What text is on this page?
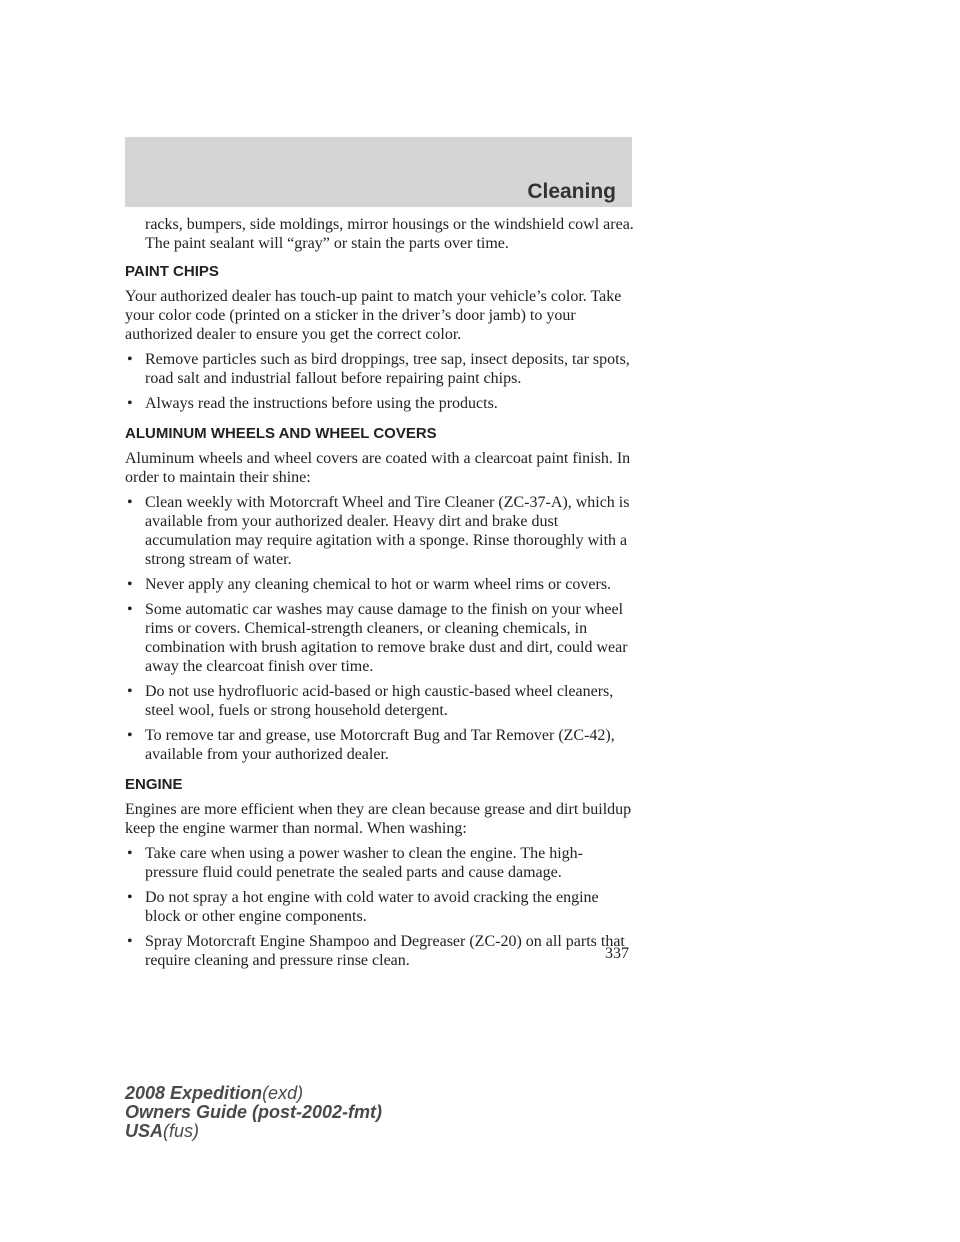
Cleaning

racks, bumpers, side moldings, mirror housings or the windshield cowl area. The paint sealant will “gray” or stain the parts over time.

PAINT CHIPS

Your authorized dealer has touch-up paint to match your vehicle’s color. Take your color code (printed on a sticker in the driver’s door jamb) to your authorized dealer to ensure you get the correct color.

• Remove particles such as bird droppings, tree sap, insect deposits, tar spots, road salt and industrial fallout before repairing paint chips.
• Always read the instructions before using the products.
ALUMINUM WHEELS AND WHEEL COVERS

Aluminum wheels and wheel covers are coated with a clearcoat paint finish. In order to maintain their shine:

• Clean weekly with Motorcraft Wheel and Tire Cleaner (ZC-37-A), which is available from your authorized dealer. Heavy dirt and brake dust accumulation may require agitation with a sponge. Rinse thoroughly with a strong stream of water.
• Never apply any cleaning chemical to hot or warm wheel rims or covers.
• Some automatic car washes may cause damage to the finish on your wheel rims or covers. Chemical-strength cleaners, or cleaning chemicals, in combination with brush agitation to remove brake dust and dirt, could wear away the clearcoat finish over time.
• Do not use hydrofluoric acid-based or high caustic-based wheel cleaners, steel wool, fuels or strong household detergent.
• To remove tar and grease, use Motorcraft Bug and Tar Remover (ZC-42), available from your authorized dealer.
ENGINE

Engines are more efficient when they are clean because grease and dirt buildup keep the engine warmer than normal. When washing:

• Take care when using a power washer to clean the engine. The high-pressure fluid could penetrate the sealed parts and cause damage.
• Do not spray a hot engine with cold water to avoid cracking the engine block or other engine components.
• Spray Motorcraft Engine Shampoo and Degreaser (ZC-20) on all parts that require cleaning and pressure rinse clean.	337
2008 Expedition(exd)
Owners Guide (post-2002-fmt)
USA(fus)
